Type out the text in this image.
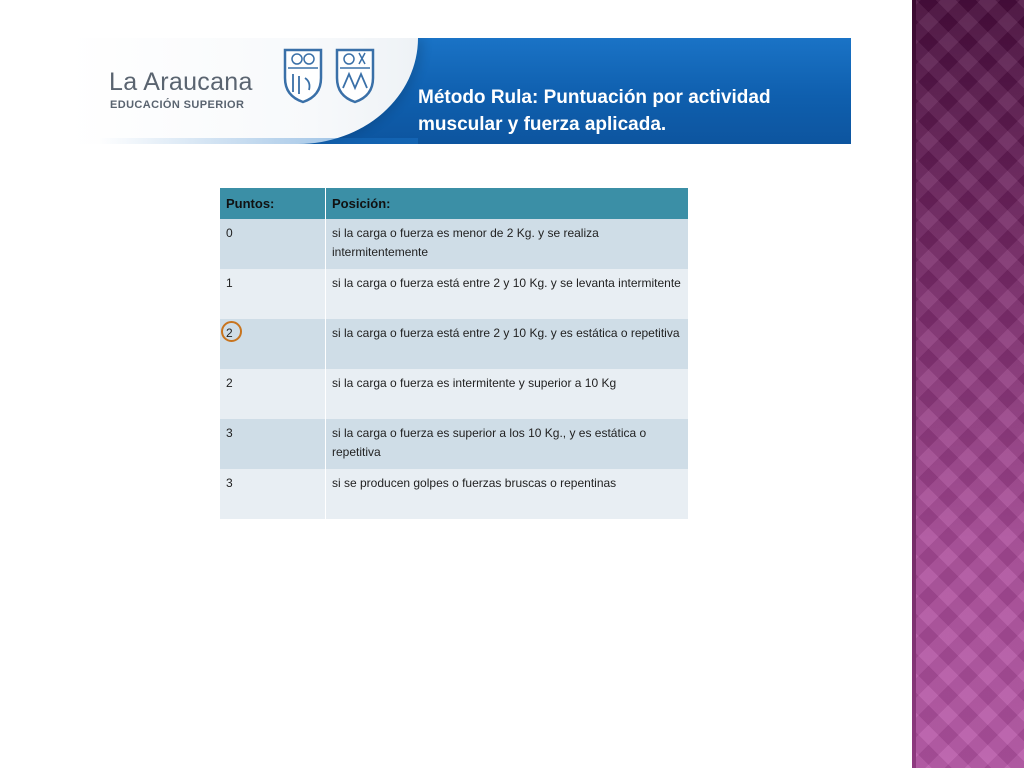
La Araucana
EDUCACIÓN SUPERIOR	Método Rula: Puntuación por actividad
muscular y fuerza aplicada.
Puntos:	Posición:
0	si la carga o fuerza es menor de 2 Kg. y se realiza intermitentemente
1	si la carga o fuerza está entre 2 y 10 Kg. y se levanta intermitente

2	si la carga o fuerza está entre 2 y 10 Kg. y es estática o repetitiva
2	si la carga o fuerza es intermitente y superior a 10 Kg
3	si la carga o fuerza es superior a los 10 Kg., y es estática o repetitiva
3	si se producen golpes o fuerzas bruscas o repentinas
